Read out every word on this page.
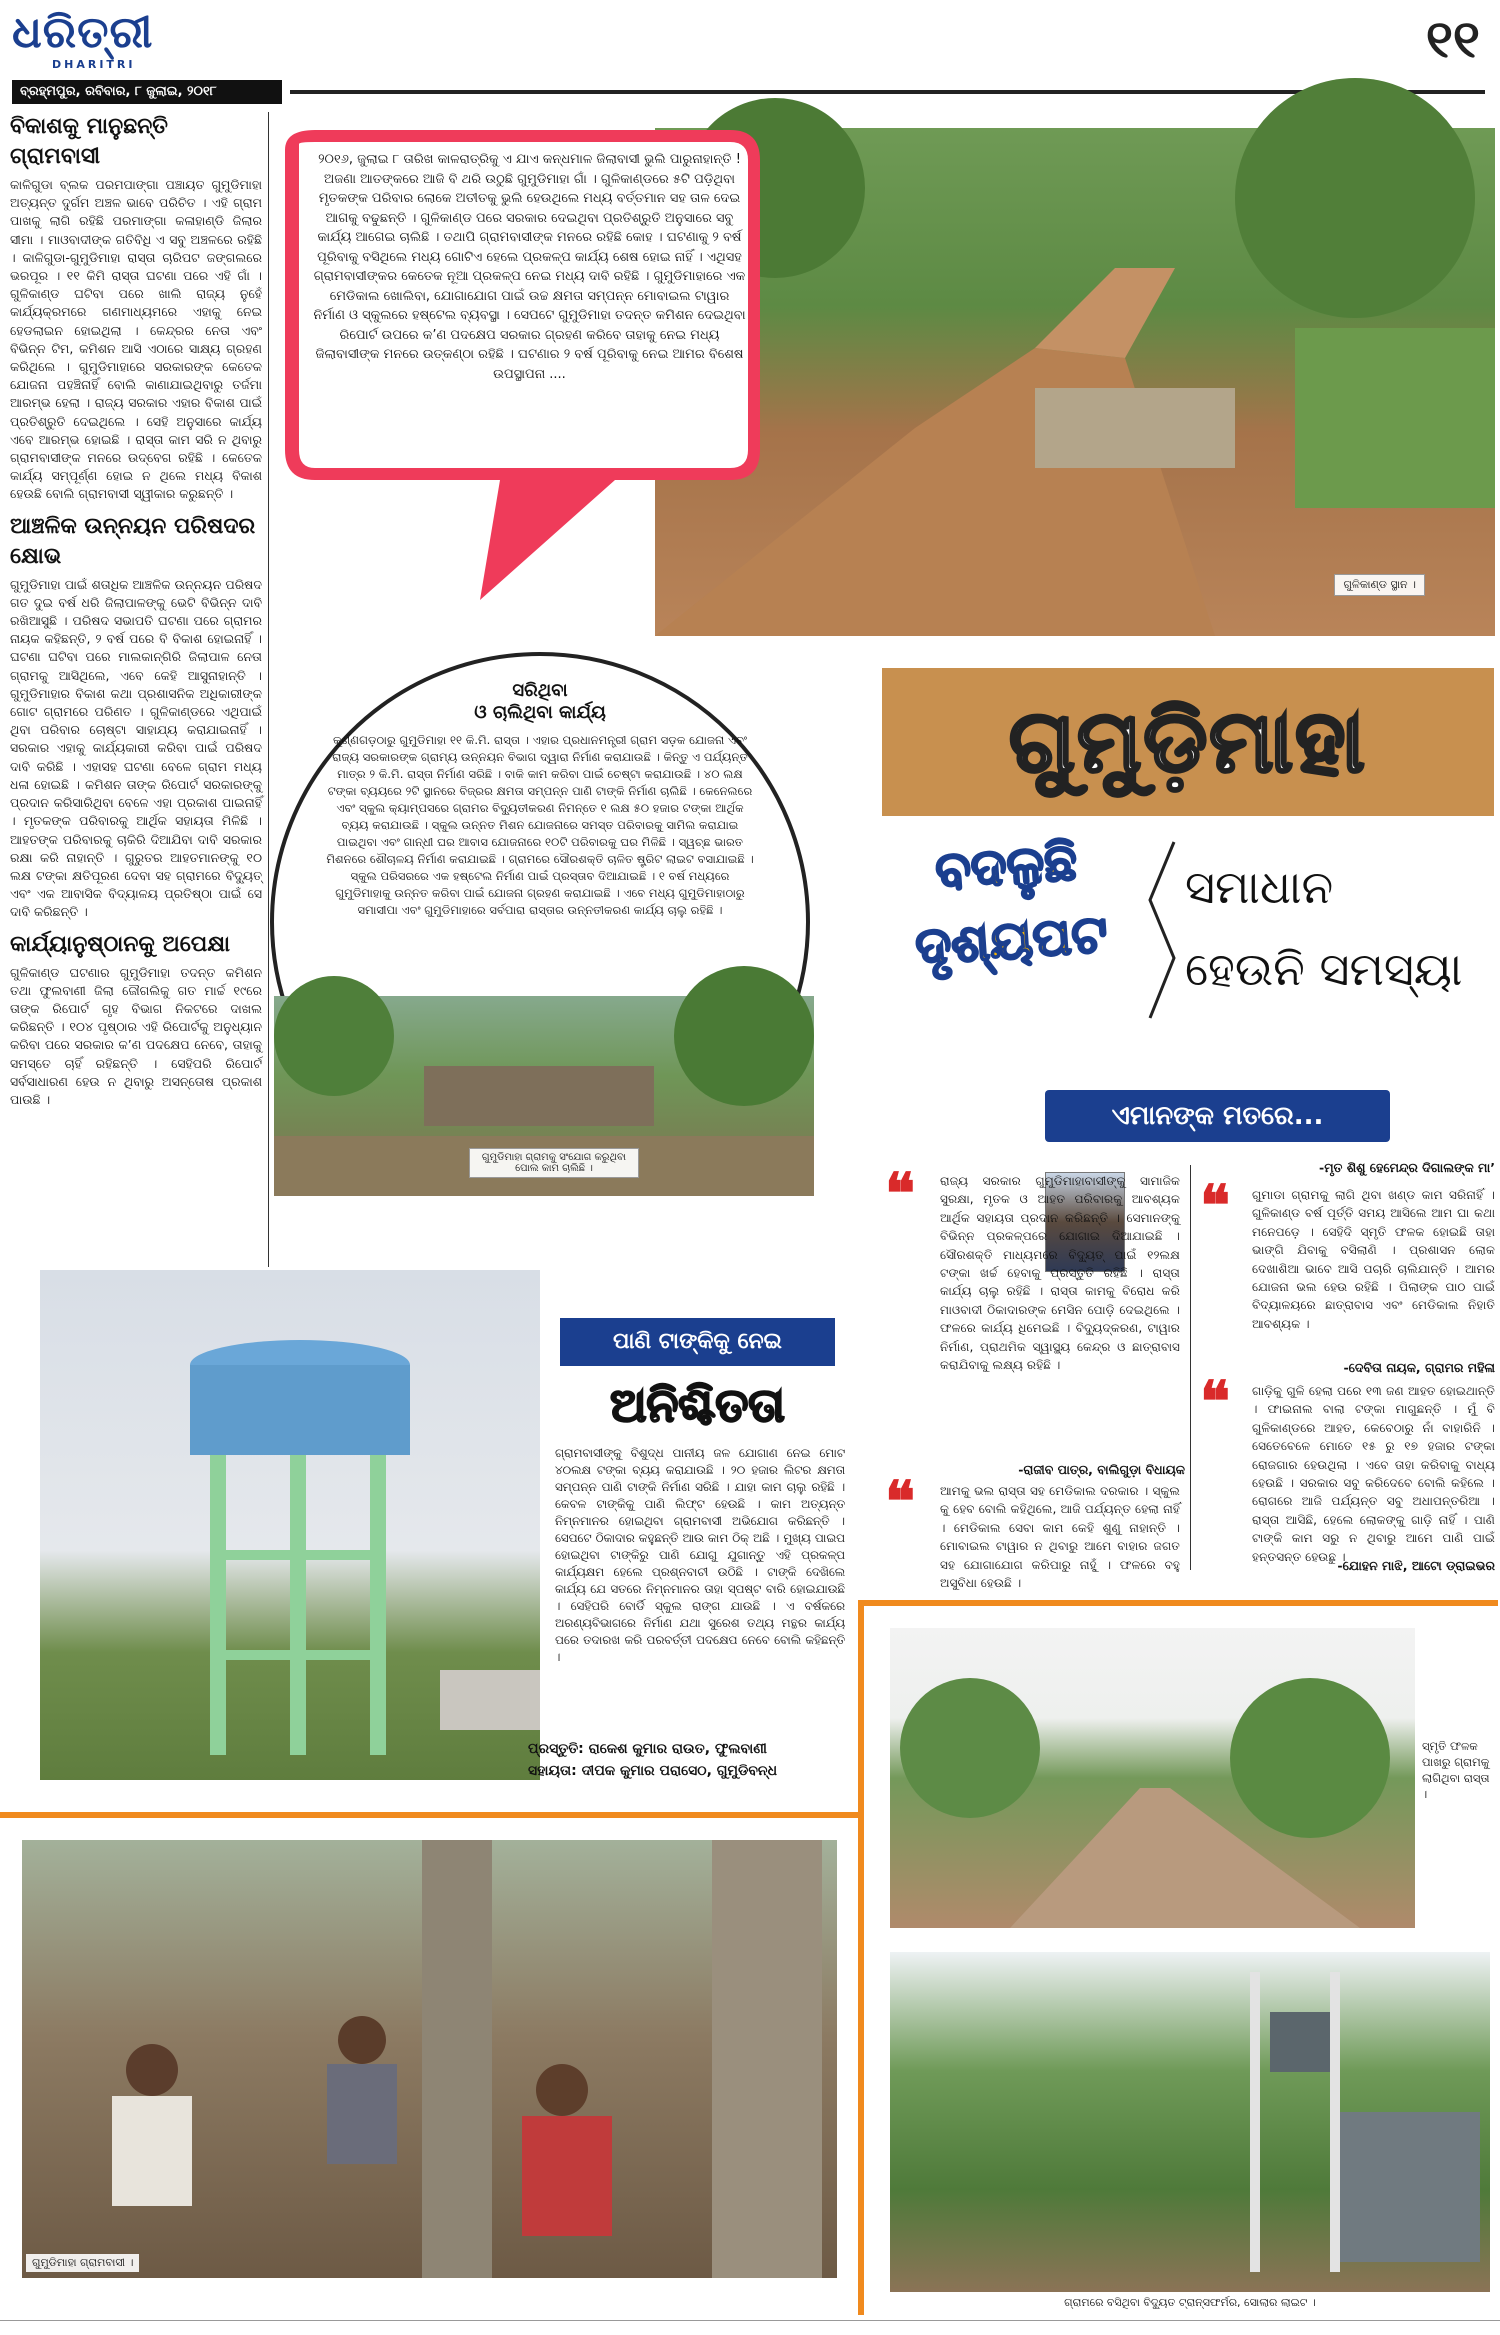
ଧରିତ୍ରୀ
DHARITRI
ବ୍ରହ୍ମପୁର, ରବିବାର, ୮ ଜୁଲାଇ, ୨୦୧୮
୧୧
ବିକାଶକୁ ମାନୁଛନ୍ତି ଗ୍ରାମବାସୀ
କାଳିଗୁଡା ବ୍ଲକ ପରମପାଙ୍ଗା ପଞ୍ଚାୟତ ଗୁମୁଡିମାହା ଅତ୍ୟନ୍ତ ଦୁର୍ଗମ ଅଞ୍ଚଳ ଭାବେ ପରିଚିତ । ଏହି ଗ୍ରାମ ପାଖକୁ ଲାଗି ରହିଛି ପରମାଙ୍ଗା କଳାହାଣ୍ଡି ଜିଲାର ସୀମା । ମାଓବାଦୀଙ୍କ ଗତିବିଧି ଏ ସବୁ ଅଞ୍ଚଳରେ ରହିଛି । କାଳିଗୁଡା-ଗୁମୁଡିମାହା ରାସ୍ତା ଚାରିପଟ ଜଙ୍ଗଲରେ ଭରପୂର । ୧୧ କିମି ରାସ୍ତା ଘଟଣା ପରେ ଏହି ଗାଁ । ଗୁଳିକାଣ୍ଡ ଘଟିବା ପରେ ଖାଲି ରାଜ୍ୟ ନୁହେଁ କାର୍ଯ୍ୟକ୍ରମରେ ଗଣମାଧ୍ୟମରେ ଏହାକୁ ନେଇ ହେଡଲାଇନ ହୋଇଥିଲା । କେନ୍ଦ୍ରର ନେତା ଏବଂ ବିଭିନ୍ନ ଟିମ, କମିଶନ ଆସି ଏଠାରେ ସାକ୍ଷ୍ୟ ଗ୍ରହଣ କରିଥିଲେ । ଗୁମୁଡିମାହାରେ ସରକାରଙ୍କ କେତେକ ଯୋଜନା ପହଞ୍ଚିନାହିଁ ବୋଲି କାଣାଯାଇଥିବାରୁ ତର୍ଜମା ଆରମ୍ଭ ହେଲା । ରାଜ୍ୟ ସରକାର ଏହାର ବିକାଶ ପାଇଁ ପ୍ରତିଶ୍ରୁତି ଦେଇଥିଲେ । ସେହି ଅନୁସାରେ କାର୍ଯ୍ୟ ଏବେ ଆରମ୍ଭ ହୋଇଛି । ରାସ୍ତା କାମ ସରି ନ ଥିବାରୁ ଗ୍ରାମବାସୀଙ୍କ ମନରେ ଉଦ୍‌ବେଗ ରହିଛି । କେତେକ କାର୍ଯ୍ୟ ସମ୍ପୂର୍ଣ୍ଣ ହୋଇ ନ ଥିଲେ ମଧ୍ୟ ବିକାଶ ହେଉଛି ବୋଲି ଗ୍ରାମବାସୀ ସ୍ୱୀକାର କରୁଛନ୍ତି ।
ଆଞ୍ଚଳିକ ଉନ୍ନୟନ ପରିଷଦର କ୍ଷୋଭ
ଗୁମୁଡିମାହା ପାଇଁ ଶତାଧିକ ଆଞ୍ଚଳିକ ଉନ୍ନୟନ ପରିଷଦ ଗତ ଦୁଇ ବର୍ଷ ଧରି ଜିଲାପାଳଙ୍କୁ ଭେଟି ବିଭିନ୍ନ ଦାବି ରଖିଆସୁଛି । ପରିଷଦ ସଭାପତି ଘଟଣା ପରେ ଗ୍ରାମର ନାୟକ କହିଛନ୍ତି, ୨ ବର୍ଷ ପରେ ବି ବିକାଶ ହୋଇନାହିଁ । ଘଟଣା ଘଟିବା ପରେ ମାଲକାନ୍‌ଗିରି ଜିଲାପାଳ ନେତା ଗ୍ରାମକୁ ଆସିଥିଲେ, ଏବେ କେହି ଆସୁନାହାନ୍ତି । ଗୁମୁଡିମାହାର ବିକାଶ କଥା ପ୍ରଶାସନିକ ଅଧିକାରୀଙ୍କ ଗୋଟ ଗ୍ରାମରେ ପରିଣତ । ଗୁଳିକାଣ୍ଡରେ ଏଥିପାଇଁ ଥିବା ପରିବାର ଚୋଷ୍ଟା ସାହାଯ୍ୟ କରାଯାଇନାହିଁ । ସରକାର ଏହାକୁ କାର୍ଯ୍ୟକାରୀ କରିବା ପାଇଁ ପରିଷଦ ଦାବି କରିଛି । ଏହାସହ ଘଟଣା ବେଳେ ଗ୍ରାମ ମଧ୍ୟ ଧଳା ହୋଇଛି । କମିଶନ ତାଙ୍କ ରିପୋର୍ଟ ସରକାରଙ୍କୁ ପ୍ରଦାନ କରିସାରିଥିବା ବେଳେ ଏହା ପ୍ରକାଶ ପାଇନାହିଁ । ମୃତକଙ୍କ ପରିବାରକୁ ଆର୍ଥିକ ସହାୟତା ମିଳିଛି । ଆହତଙ୍କ ପରିବାରକୁ ଚାକିରି ଦିଆଯିବା ଦାବି ସରକାର ରକ୍ଷା କରି ନାହାନ୍ତି । ଗୁରୁତର ଆହତମାନଙ୍କୁ ୧୦ ଲକ୍ଷ ଟଙ୍କା କ୍ଷତିପୂରଣ ଦେବା ସହ ଗ୍ରାମରେ ବିଦ୍ୟୁତ୍‌ ଏବଂ ଏକ ଆବାସିକ ବିଦ୍ୟାଳୟ ପ୍ରତିଷ୍ଠା ପାଇଁ ସେ ଦାବି କରିଛନ୍ତି ।
କାର୍ଯ୍ୟାନୁଷ୍ଠାନକୁ ଅପେକ୍ଷା
ଗୁଳିକାଣ୍ଡ ଘଟଣାର ଗୁମୁଡିମାହା ତଦନ୍ତ କମିଶନ ତଥା ଫୁଲବାଣୀ ଜିଲା ଜୌଗଲିକୁ ଗତ ମାର୍ଚ୍ଚ ୧୯ରେ ତାଙ୍କ ରିପୋର୍ଟ ଗୃହ ବିଭାଗ ନିକଟରେ ଦାଖଲ କରିଛନ୍ତି । ୧୦୪ ପୃଷ୍ଠାର ଏହି ରିପୋର୍ଟକୁ ଅନୁଧ୍ୟାନ କରିବା ପରେ ସରକାର କ’ଣ ପଦକ୍ଷେପ ନେବେ, ତାହାକୁ ସମସ୍ତେ ଚାହିଁ ରହିଛନ୍ତି । ସେହିପରି ରିପୋର୍ଟ ସର୍ବସାଧାରଣ ହେଉ ନ ଥିବାରୁ ଅସନ୍ତୋଷ ପ୍ରକାଶ ପାଉଛି ।
ଗୁଳିକାଣ୍ଡ ସ୍ଥାନ ।
୨୦୧୬, ଜୁଲାଇ ୮ ତାରିଖ କାଳରାତ୍ରିକୁ ଏ ଯାଏ କନ୍ଧମାଳ ଜିଲାବାସୀ ଭୁଲି ପାରୁନାହାନ୍ତି ! ଅଜଣା ଆତଙ୍କରେ ଆଜି ବି ଥରି ଉଠୁଛି ଗୁମୁଡିମାହା ଗାଁ । ଗୁଳିକାଣ୍ଡରେ ୫ଟି ପଡ଼ିଥିବା ମୃତକଙ୍କ ପରିବାର ଲୋକେ ଅତୀତକୁ ଭୁଲି ହେଉଥିଲେ ମଧ୍ୟ ବର୍ତ୍ତମାନ ସହ ତାଳ ଦେଇ ଆଗକୁ ବଢୁଛନ୍ତି । ଗୁଳିକାଣ୍ଡ ପରେ ସରକାର ଦେଇଥିବା ପ୍ରତିଶ୍ରୁତି ଅନୁସାରେ ସବୁ କାର୍ଯ୍ୟ ଆଗେଇ ଚାଲିଛି । ତଥାପି ଗ୍ରାମବାସୀଙ୍କ ମନରେ ରହିଛି କୋହ । ଘଟଣାକୁ ୨ ବର୍ଷ ପୂରିବାକୁ ବସିଥିଲେ ମଧ୍ୟ ଗୋଟିଏ ହେଲେ ପ୍ରକଳ୍ପ କାର୍ଯ୍ୟ ଶେଷ ହୋଇ ନାହିଁ । ଏଥିସହ ଗ୍ରାମବାସୀଙ୍କର କେତେକ ନୂଆ ପ୍ରକଳ୍ପ ନେଇ ମଧ୍ୟ ଦାବି ରହିଛି । ଗୁମୁଡିମାହାରେ ଏକ ମେଡିକାଲ ଖୋଲିବା, ଯୋଗାଯୋଗ ପାଇଁ ଉଚ୍ଚ କ୍ଷମତା ସମ୍ପନ୍ନ ମୋବାଇଲ ଟାୱାର ନିର୍ମାଣ ଓ ସ୍କୁଲରେ ହଷ୍ଟେଲ ବ୍ୟବସ୍ଥା । ସେପଟେ ଗୁମୁଡିମାହା ତଦନ୍ତ କମିଶନ ଦେଇଥିବା ରିପୋର୍ଟ ଉପରେ କ’ଣ ପଦକ୍ଷେପ ସରକାର ଗ୍ରହଣ କରିବେ ତାହାକୁ ନେଇ ମଧ୍ୟ ଜିଲାବାସୀଙ୍କ ମନରେ ଉତ୍କଣ୍ଠା ରହିଛି । ଘଟଣାର ୨ ବର୍ଷ ପୂରିବାକୁ ନେଇ ଆମର ବିଶେଷ ଉପସ୍ଥାପନା ....
ସରିଥିବା
ଓ ଚାଲିଥିବା କାର୍ଯ୍ୟ
କୁର୍ଣ୍ଣଗଡ଼ଠାରୁ ଗୁମୁଡିମାହା ୧୧ କି.ମି. ରାସ୍ତା । ଏହାର ପ୍ରଧାନମନ୍ତ୍ରୀ ଗ୍ରାମ ସଡ଼କ ଯୋଜନା ଏବଂ ରାଜ୍ୟ ସରକାରଙ୍କ ଗ୍ରାମ୍ୟ ଉନ୍ନୟନ ବିଭାଗ ଦ୍ୱାରା ନିର୍ମାଣ କରାଯାଉଛି । କିନ୍ତୁ ଏ ପର୍ଯ୍ୟନ୍ତ ମାତ୍ର ୨ କି.ମି. ରାସ୍ତା ନିର୍ମାଣ ସରିଛି । ବାକି କାମ କରିବା ପାଇଁ ଚେଷ୍ଟା କରାଯାଉଛି । ୪୦ ଲକ୍ଷ ଟଙ୍କା ବ୍ୟୟରେ ୨ଟି ସ୍ଥାନରେ ବିଜ୍ରର କ୍ଷମତା ସମ୍ପନ୍ନ ପାଣି ଟାଙ୍କି ନିର୍ମାଣ ଚାଲିଛି । କେନେଲରେ ଏବଂ ସ୍କୁଲ କ୍ୟାମ୍ପସରେ ଗ୍ରାମର ବିଦ୍ୟୁତୀକରଣ ନିମନ୍ତେ ୧ ଲକ୍ଷ ୫୦ ହଜାର ଟଙ୍କା ଆର୍ଥିକ ବ୍ୟୟ କରାଯାଉଛି । ସ୍କୁଲ ଉନ୍ନତ ମିଶନ ଯୋଜନାରେ ସମସ୍ତ ପରିବାରକୁ ସାମିଲ କରାଯାଇ ପାଇଥିବା ଏବଂ ଗାନ୍ଧୀ ଘର ଆବାସ ଯୋଜନାରେ ୧୦ଟି ପରିବାରକୁ ଘର ମିଳିଛି । ସ୍ୱଚ୍ଛ ଭାରତ ମିଶନରେ ଶୌଚାଳୟ ନିର୍ମାଣ କରାଯାଇଛି । ଗ୍ରାମରେ ସୌରଶକ୍ତି ଚାଳିତ ଷ୍ଟ୍ରିଟ ଲାଇଟ ବସାଯାଇଛି । ସ୍କୁଲ ପରିସରରେ ଏକ ହଷ୍ଟେଲ ନିର୍ମାଣ ପାଇଁ ପ୍ରସ୍ତାବ ଦିଆଯାଇଛି । ୧ ବର୍ଷ ମଧ୍ୟରେ ଗୁମୁଡିମାହାକୁ ଉନ୍ନତ କରିବା ପାଇଁ ଯୋଜନା ଗ୍ରହଣ କରାଯାଇଛି । ଏବେ ମଧ୍ୟ ଗୁମୁଡିମାହାଠାରୁ ସମାସୀପା ଏବଂ ଗୁମୁଡିମାହାରେ ସର୍ବପାରା ରାସ୍ତାର ଉନ୍ନତୀକରଣ କାର୍ଯ୍ୟ ଚାଲୁ ରହିଛି ।
ଗୁମୁଡିମାହା ଗ୍ରାମକୁ ସଂଯୋଗ କରୁଥିବା ପୋଲ କାମ ଚାଲିଛି ।
ଗୁମୁଡ଼ିମାହା
ବଦଳୁଛି
ଦୃଶ୍ୟପଟ
ସମାଧାନ
ହେଉନି ସମସ୍ୟା
ଏମାନଙ୍କ ମତରେ...
❝ ରାଜ୍ୟ ସରକାର ଗୁମୁଡିମାହାବାସୀଙ୍କୁ ସାମାଜିକ ସୁରକ୍ଷା, ମୃତକ ଓ ଆହତ ପରିବାରକୁ ଆବଶ୍ୟକ ଆର୍ଥିକ ସହାୟତା ପ୍ରଦାନ କରିଛନ୍ତି । ସେମାନଙ୍କୁ ବିଭିନ୍ନ ପ୍ରକଳ୍ପରେ ଯୋଗାଇ ଦିଆଯାଇଛି । ସୌରଶକ୍ତି ମାଧ୍ୟମରେ ବିଦ୍ୟୁତ୍‌ ପାଇଁ ୧୨ଲକ୍ଷ ଟଙ୍କା ଖର୍ଚ୍ଚ ହେବାକୁ ପ୍ରସ୍ତୁତି ରହିଛି । ରାସ୍ତା କାର୍ଯ୍ୟ ଚାଲୁ ରହିଛି । ରାସ୍ତା କାମକୁ ବିରୋଧ କରି ମାଓବାଦୀ ଠିକାଦାରଙ୍କ ମେସିନ ପୋଡ଼ି ଦେଇଥିଲେ । ଫଳରେ କାର୍ଯ୍ୟ ଧିମେଇଛି । ବିଦ୍ୟୁଦ୍‌କରଣ, ଟାୱାର ନିର୍ମାଣ, ପ୍ରାଥମିକ ସ୍ୱାସ୍ଥ୍ୟ କେନ୍ଦ୍ର ଓ ଛାତ୍ରାବାସ କରାଯିବାକୁ ଲକ୍ଷ୍ୟ ରହିଛି ।
-ରାଜୀବ ପାତ୍ର, ବାଲିଗୁଡ଼ା ବିଧାୟକ
❝ ଆମକୁ ଭଲ ରାସ୍ତା ସହ ମେଡିକାଲ ଦରକାର । ସ୍କୁଲ କୁ ହେବ ବୋଲି କହିଥିଲେ, ଆଜି ପର୍ଯ୍ୟନ୍ତ ହେଲା ନାହିଁ । ମେଡିକାଲ ସେବା କାମ କେହି ଶୁଣୁ ନାହାନ୍ତି । ମୋବାଇଲ ଟାୱାର ନ ଥିବାରୁ ଆମେ ବାହାର ଜଗତ ସହ ଯୋଗାଯୋଗ କରିପାରୁ ନାହୁଁ । ଫଳରେ ବହୁ ଅସୁବିଧା ହେଉଛି ।
-ମୃତ ଶିଶୁ ହେମେନ୍ଦ୍ର ଦିଗାଲଙ୍କ ମା’
❝ ଗୁମାଡା ଗ୍ରାମକୁ ଲାଗି ଥିବା ଖଣ୍ଡ କାମ ସରିନାହିଁ । ଗୁଳିକାଣ୍ଡ ବର୍ଷ ପୂର୍ତ୍ତି ସମୟ ଆସିଲେ ଆମ ଘା କଥା ମନେପଡ଼େ । ସେହିଦି ସ୍ମୃତି ଫଳକ ହୋଇଛି ତାହା ଭାଙ୍ଗି ଯିବାକୁ ବସିଲାଣି । ପ୍ରଶାସନ ଲୋକ ଦେଖାଶିଆ ଭାବେ ଆସି ପଚାରି ଚାଲିଯାନ୍ତି । ଆମର ଯୋଜନା ଭଲ ହେଉ ରହିଛି । ପିଲାଙ୍କ ପାଠ ପାଇଁ ବିଦ୍ୟାଳୟରେ ଛାତ୍ରାବାସ ଏବଂ ମେଡିକାଲ ନିହାତି ଆବଶ୍ୟକ ।
-ଦେବିତା ନାୟକ, ଗ୍ରାମର ମହିଳା
❝ ଗାଡ଼ିକୁ ଗୁଳି ହେଲା ପରେ ୧୩ ଜଣ ଆହତ ହୋଇଥାନ୍ତି । ଫାଇନାଲ ବାଲା ଟଙ୍କା ମାଗୁଛନ୍ତି । ମୁଁ ବି ଗୁଳିକାଣ୍ଡରେ ଆହତ, କେବେଠାରୁ ନାଁ ବାହାରିନି । ସେତେବେଳେ ମୋତେ ୧୫ ରୁ ୧୭ ହଜାର ଟଙ୍କା ରୋଜଗାର ହେଉଥିଲା । ଏବେ ତାହା କରିବାକୁ ବାଧ୍ୟ ହେଉଛି । ସରକାର ସବୁ କରିଦେବେ ବୋଲି କହିଲେ । ରୋଗରେ ଆଜି ପର୍ଯ୍ୟନ୍ତ ସବୁ ଅଧାପନ୍ତରିଆ । ରାସ୍ତା ଆସିଛି, ହେଲେ ଲୋକଙ୍କୁ ଗାଡ଼ି ନାହିଁ । ପାଣି ଟାଙ୍କି କାମ ସରୁ ନ ଥିବାରୁ ଆମେ ପାଣି ପାଇଁ ହନ୍ତସନ୍ତ ହେଉଛୁ ।
-ଯୋହନ ମାଝି, ଆଟୋ ଡ୍ରାଇଭର
ପାଣି ଟାଙ୍କିକୁ ନେଇ
ଅନିଶ୍ଚିତତା
ଗ୍ରାମବାସୀଙ୍କୁ ବିଶୁଦ୍ଧ ପାନୀୟ ଜଳ ଯୋଗାଣ ନେଇ ମୋଟ ୪୦ଲକ୍ଷ ଟଙ୍କା ବ୍ୟୟ କରାଯାଉଛି । ୨୦ ହଜାର ଲିଟର କ୍ଷମତା ସମ୍ପନ୍ନ ପାଣି ଟାଙ୍କି ନିର୍ମାଣ ସରିଛି । ଯାହା କାମ ଚାଲୁ ରହିଛି । କେବଳ ଟାଙ୍କିକୁ ପାଣି ଲିଫ୍ଟ ହେଉଛି । କାମ ଅତ୍ୟନ୍ତ ନିମ୍ନମାନର ହୋଇଥିବା ଗ୍ରାମବାସୀ ଅଭିଯୋଗ କରିଛନ୍ତି । ସେପଟେ ଠିକାଦାର କହୁଛନ୍ତି ଆଉ କାମ ଠିକ୍‌ ଅଛି । ମୁଖ୍ୟ ପାଇପ ହୋଇଥିବା ଟାଙ୍କିରୁ ପାଣି ଯୋଗୁ ଯୁଗାନ୍ତୁ ଏହି ପ୍ରକଳ୍ପ କାର୍ଯ୍ୟକ୍ଷମ ହେଲେ ପ୍ରଶ୍ନବାଚୀ ଉଠିଛି । ଟାଙ୍କି ଦେଖିଲେ କାର୍ଯ୍ୟ ଯେ ସତରେ ନିମ୍ନମାନର ତାହା ସ୍ପଷ୍ଟ ବାରି ହୋଇଯାଉଛି । ସେହିପରି ବୋର୍ଡି ସ୍କୁଲ ରାଙ୍ଗ ଯାଉଛି । ଏ ବର୍ଷକରେ ଅରଣ୍ୟବିଭାଗରେ ନିର୍ମାଣ ଯଥା ସୁରେଶ ତଥ୍ୟ ମନ୍ଥର କାର୍ଯ୍ୟ ପରେ ତଦାରଖ କରି ପରବର୍ତ୍ତୀ ପଦକ୍ଷେପ ନେବେ ବୋଲି କହିଛନ୍ତି ।
ପ୍ରସ୍ତୁତି: ରାକେଶ କୁମାର ରାଉତ, ଫୁଲବାଣୀ
ସହାୟତା: ଦୀପକ କୁମାର ପରାସେଠ, ଗୁମୁଡିବନ୍ଧ
ସ୍ମୃତି ଫଳକ ପାଖରୁ ଗ୍ରାମକୁ ଲାଗିଥିବା ରାସ୍ତା ।
ଗୁମୁଡିମାହା ଗ୍ରାମବାସୀ ।
ଗ୍ରାମରେ ବସିଥିବା ବିଦ୍ୟୁତ ଟ୍ରାନ୍ସଫର୍ମର, ସୋଲାର ଲାଇଟ ।
